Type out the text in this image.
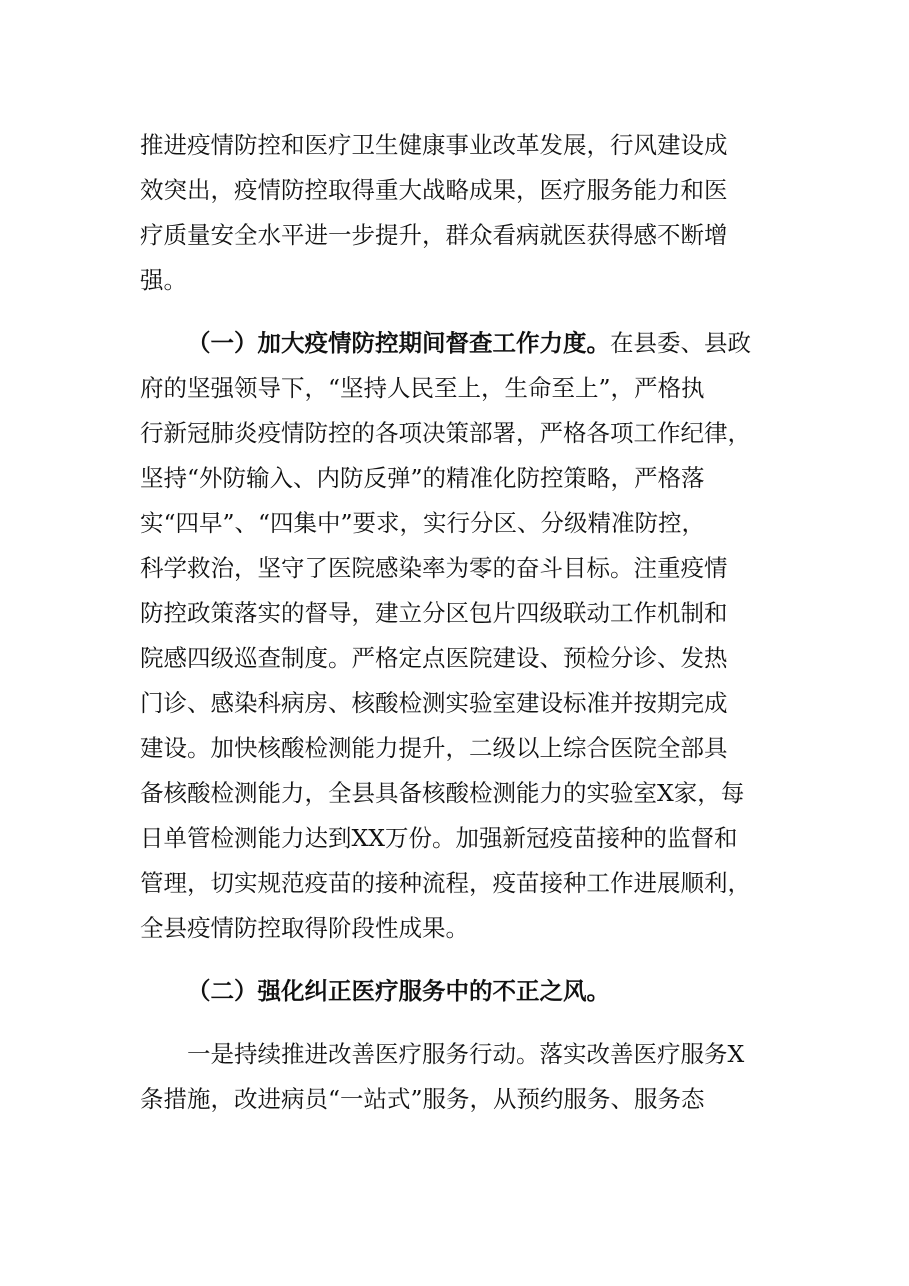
推进疫情防控和医疗卫生健康事业改革发展，行风建设成
效突出，疫情防控取得重大战略成果，医疗服务能力和医
疗质量安全水平进一步提升，群众看病就医获得感不断增
强。
（一）加大疫情防控期间督查工作力度。在县委、县政
府的坚强领导下，“坚持人民至上，生命至上”，严格执
行新冠肺炎疫情防控的各项决策部署，严格各项工作纪律，
坚持“外防输入、内防反弹”的精准化防控策略，严格落
实“四早”、“四集中”要求，实行分区、分级精准防控，
科学救治，坚守了医院感染率为零的奋斗目标。注重疫情
防控政策落实的督导，建立分区包片四级联动工作机制和
院感四级巡查制度。严格定点医院建设、预检分诊、发热
门诊、感染科病房、核酸检测实验室建设标准并按期完成
建设。加快核酸检测能力提升，二级以上综合医院全部具
备核酸检测能力，全县具备核酸检测能力的实验室X家，每
日单管检测能力达到XX万份。加强新冠疫苗接种的监督和
管理，切实规范疫苗的接种流程，疫苗接种工作进展顺利，
全县疫情防控取得阶段性成果。
（二）强化纠正医疗服务中的不正之风。
一是持续推进改善医疗服务行动。落实改善医疗服务X
条措施，改进病员“一站式”服务，从预约服务、服务态
